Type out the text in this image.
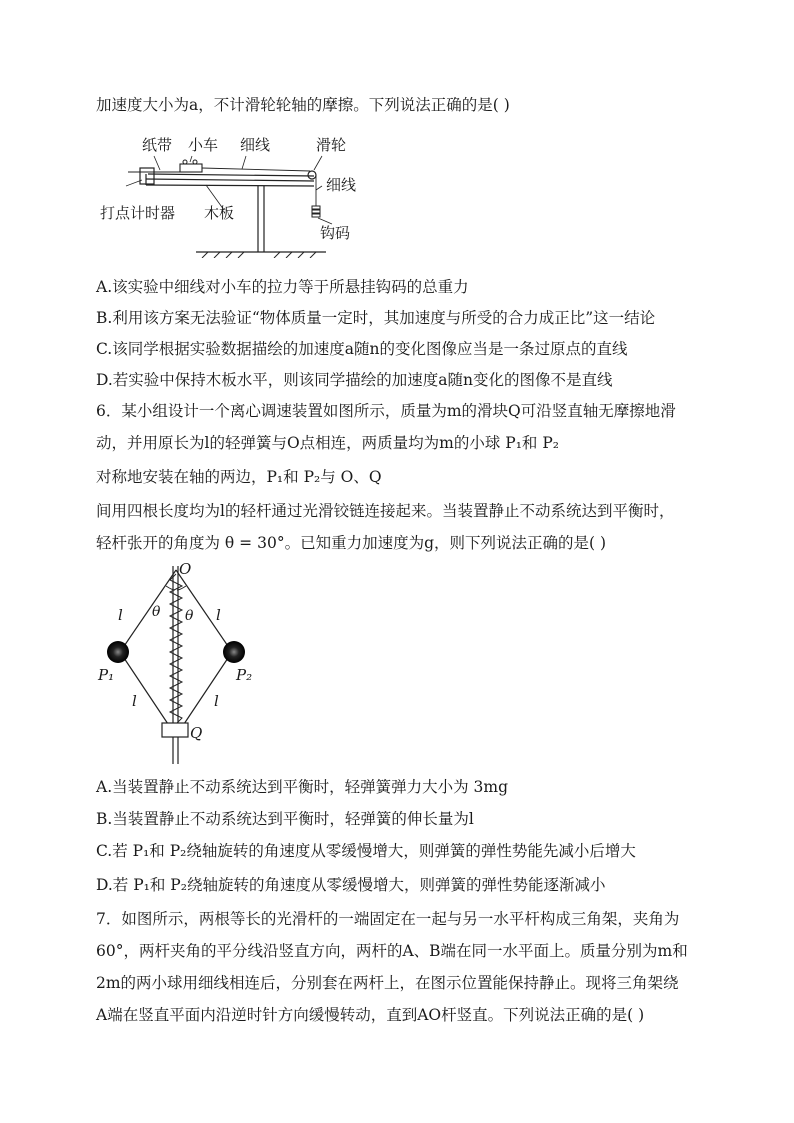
加速度大小为a，不计滑轮轮轴的摩擦。下列说法正确的是( )
纸带 小车 细线	滑轮
细线
打点计时器 木板
钩码
A.该实验中细线对小车的拉力等于所悬挂钩码的总重力
B.利用该方案无法验证“物体质量一定时，其加速度与所受的合力成正比”这一结论
C.该同学根据实验数据描绘的加速度a随n的变化图像应当是一条过原点的直线
D.若实验中保持木板水平，则该同学描绘的加速度a随n变化的图像不是直线
6．某小组设计一个离心调速装置如图所示，质量为m的滑块Q可沿竖直轴无摩擦地滑
动，并用原长为l的轻弹簧与O点相连，两质量均为m的小球 P₁和 P₂
对称地安装在轴的两边，P₁和 P₂与 O、Q
间用四根长度均为l的轻杆通过光滑铰链连接起来。当装置静止不动系统达到平衡时，
轻杆张开的角度为 θ = 30°。已知重力加速度为g，则下列说法正确的是( )
O
θ θ
l	l
l	l
P₁	P₂
Q
A.当装置静止不动系统达到平衡时，轻弹簧弹力大小为 3mg
B.当装置静止不动系统达到平衡时，轻弹簧的伸长量为l
C.若 P₁和 P₂绕轴旋转的角速度从零缓慢增大，则弹簧的弹性势能先减小后增大
D.若 P₁和 P₂绕轴旋转的角速度从零缓慢增大，则弹簧的弹性势能逐渐减小
7．如图所示，两根等长的光滑杆的一端固定在一起与另一水平杆构成三角架，夹角为
60°，两杆夹角的平分线沿竖直方向，两杆的A、B端在同一水平面上。质量分别为m和
2m的两小球用细线相连后，分别套在两杆上，在图示位置能保持静止。现将三角架绕
A端在竖直平面内沿逆时针方向缓慢转动，直到AO杆竖直。下列说法正确的是( )
